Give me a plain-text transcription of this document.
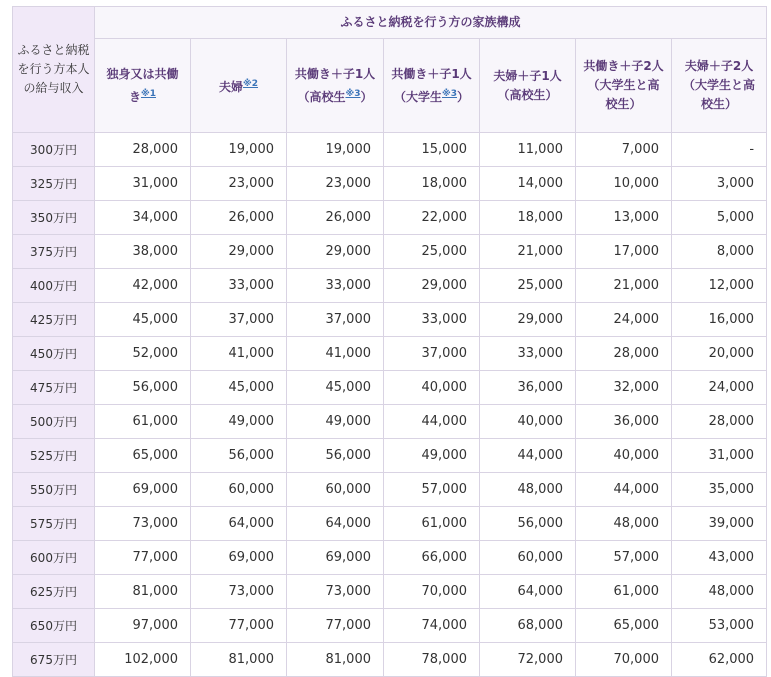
ふるさと納税を行う方本人の給与収入	ふるさと納税を行う方の家族構成						
	独身又は共働き$^{※1}$	夫婦$^{※2}$	共働き＋子1人（高校生$^{※3}$）	共働き＋子1人（大学生$^{※3}$）	夫婦＋子1人（高校生）	共働き＋子2人（大学生と高校生）	夫婦＋子2人（大学生と高校生）
300万円	28,000	19,000	19,000	15,000	11,000	7,000	-
325万円	31,000	23,000	23,000	18,000	14,000	10,000	3,000
350万円	34,000	26,000	26,000	22,000	18,000	13,000	5,000
375万円	38,000	29,000	29,000	25,000	21,000	17,000	8,000
400万円	42,000	33,000	33,000	29,000	25,000	21,000	12,000
425万円	45,000	37,000	37,000	33,000	29,000	24,000	16,000
450万円	52,000	41,000	41,000	37,000	33,000	28,000	20,000
475万円	56,000	45,000	45,000	40,000	36,000	32,000	24,000
500万円	61,000	49,000	49,000	44,000	40,000	36,000	28,000
525万円	65,000	56,000	56,000	49,000	44,000	40,000	31,000
550万円	69,000	60,000	60,000	57,000	48,000	44,000	35,000
575万円	73,000	64,000	64,000	61,000	56,000	48,000	39,000
600万円	77,000	69,000	69,000	66,000	60,000	57,000	43,000
625万円	81,000	73,000	73,000	70,000	64,000	61,000	48,000
650万円	97,000	77,000	77,000	74,000	68,000	65,000	53,000
675万円	102,000	81,000	81,000	78,000	72,000	70,000	62,000
